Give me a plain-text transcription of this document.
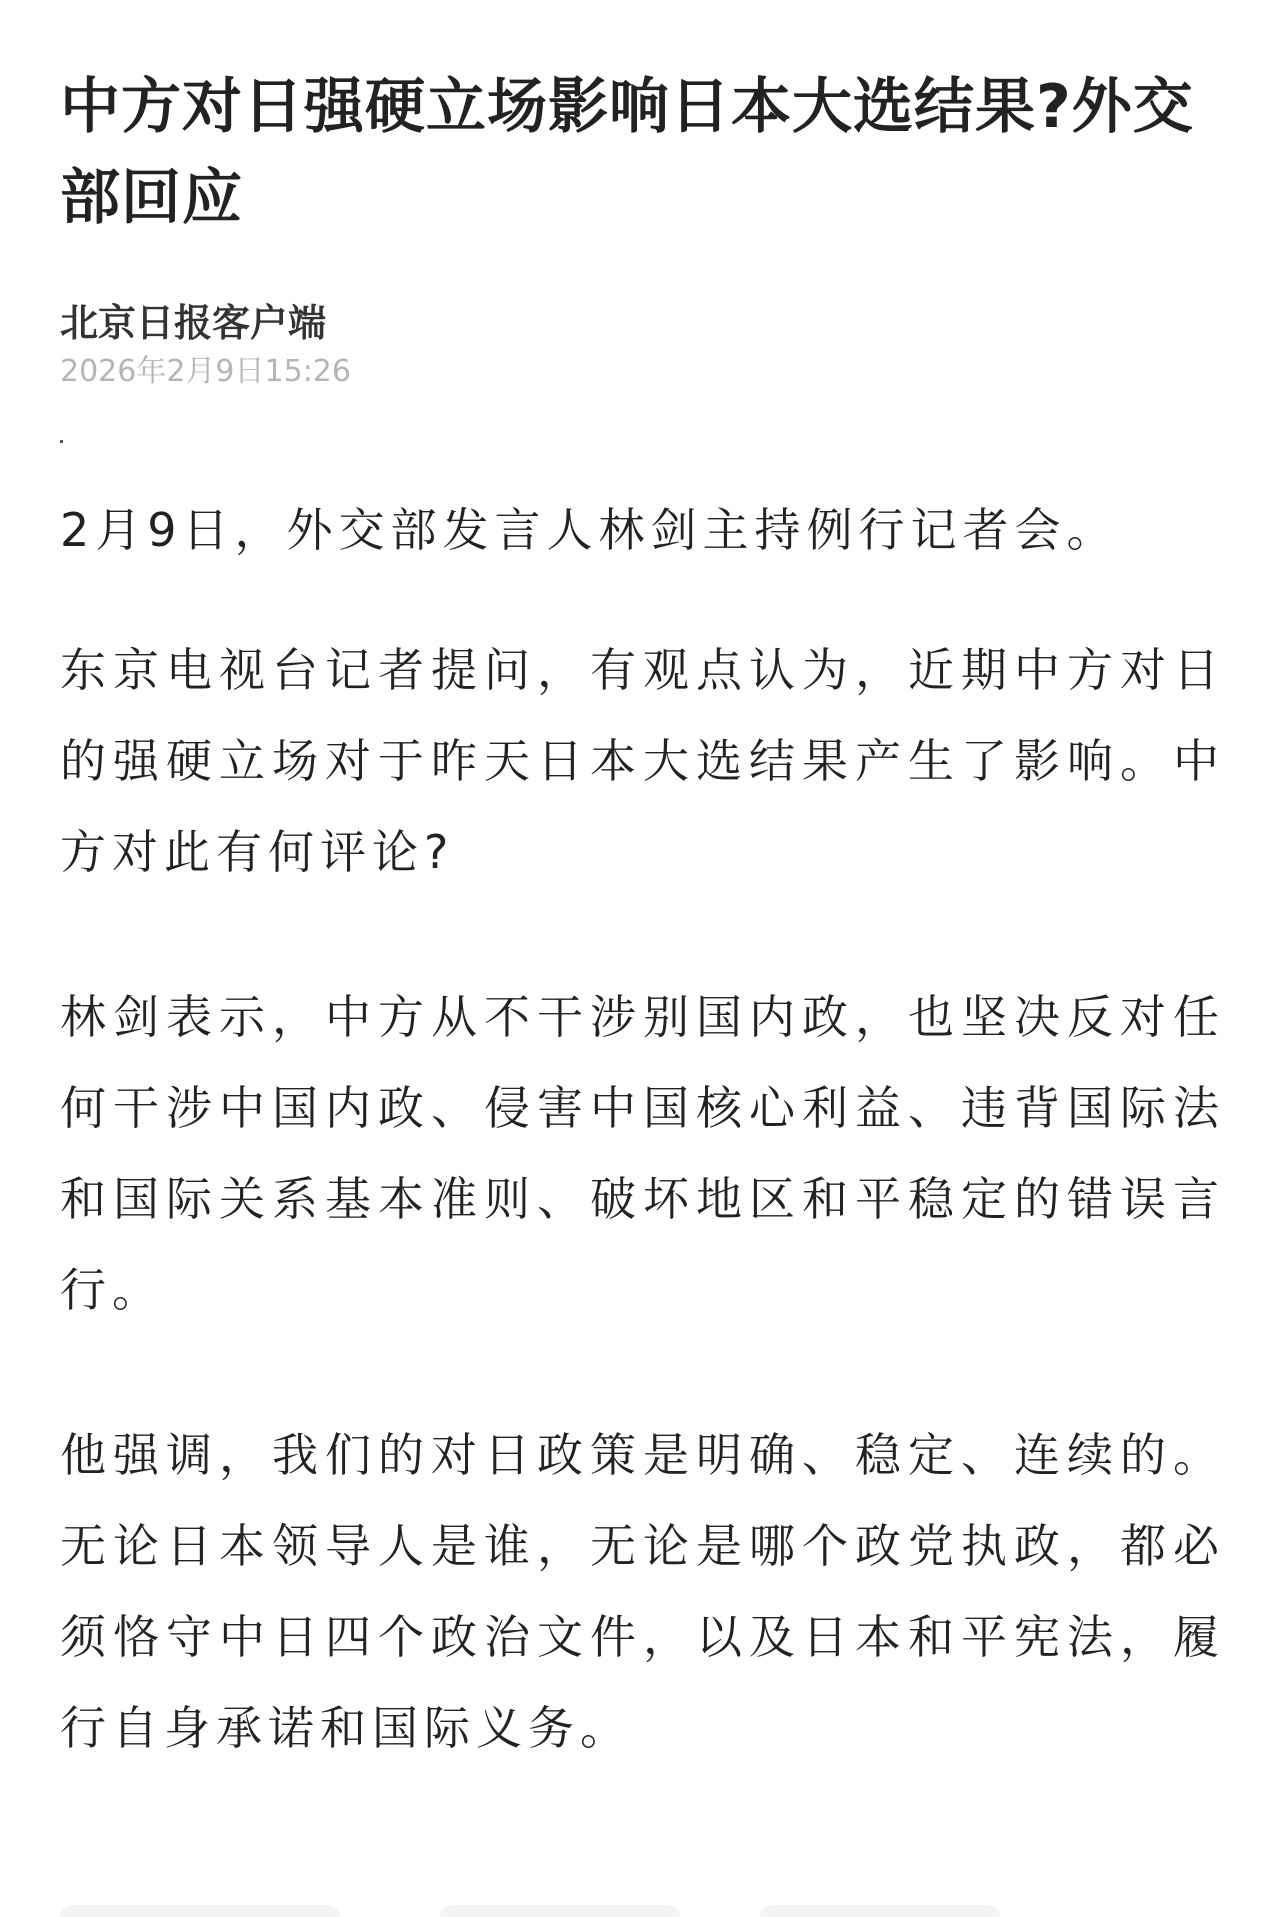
中方对日强硬立场影响日本大选结果?外交部回应
北京日报客户端
2026年2月9日15:26

2月9日，外交部发言人林剑主持例行记者会。

东京电视台记者提问，有观点认为，近期中方对日的强硬立场对于昨天日本大选结果产生了影响。中方对此有何评论?

林剑表示，中方从不干涉别国内政，也坚决反对任何干涉中国内政、侵害中国核心利益、违背国际法和国际关系基本准则、破坏地区和平稳定的错误言行。

他强调，我们的对日政策是明确、稳定、连续的。无论日本领导人是谁，无论是哪个政党执政，都必须恪守中日四个政治文件，以及日本和平宪法，履行自身承诺和国际义务。
